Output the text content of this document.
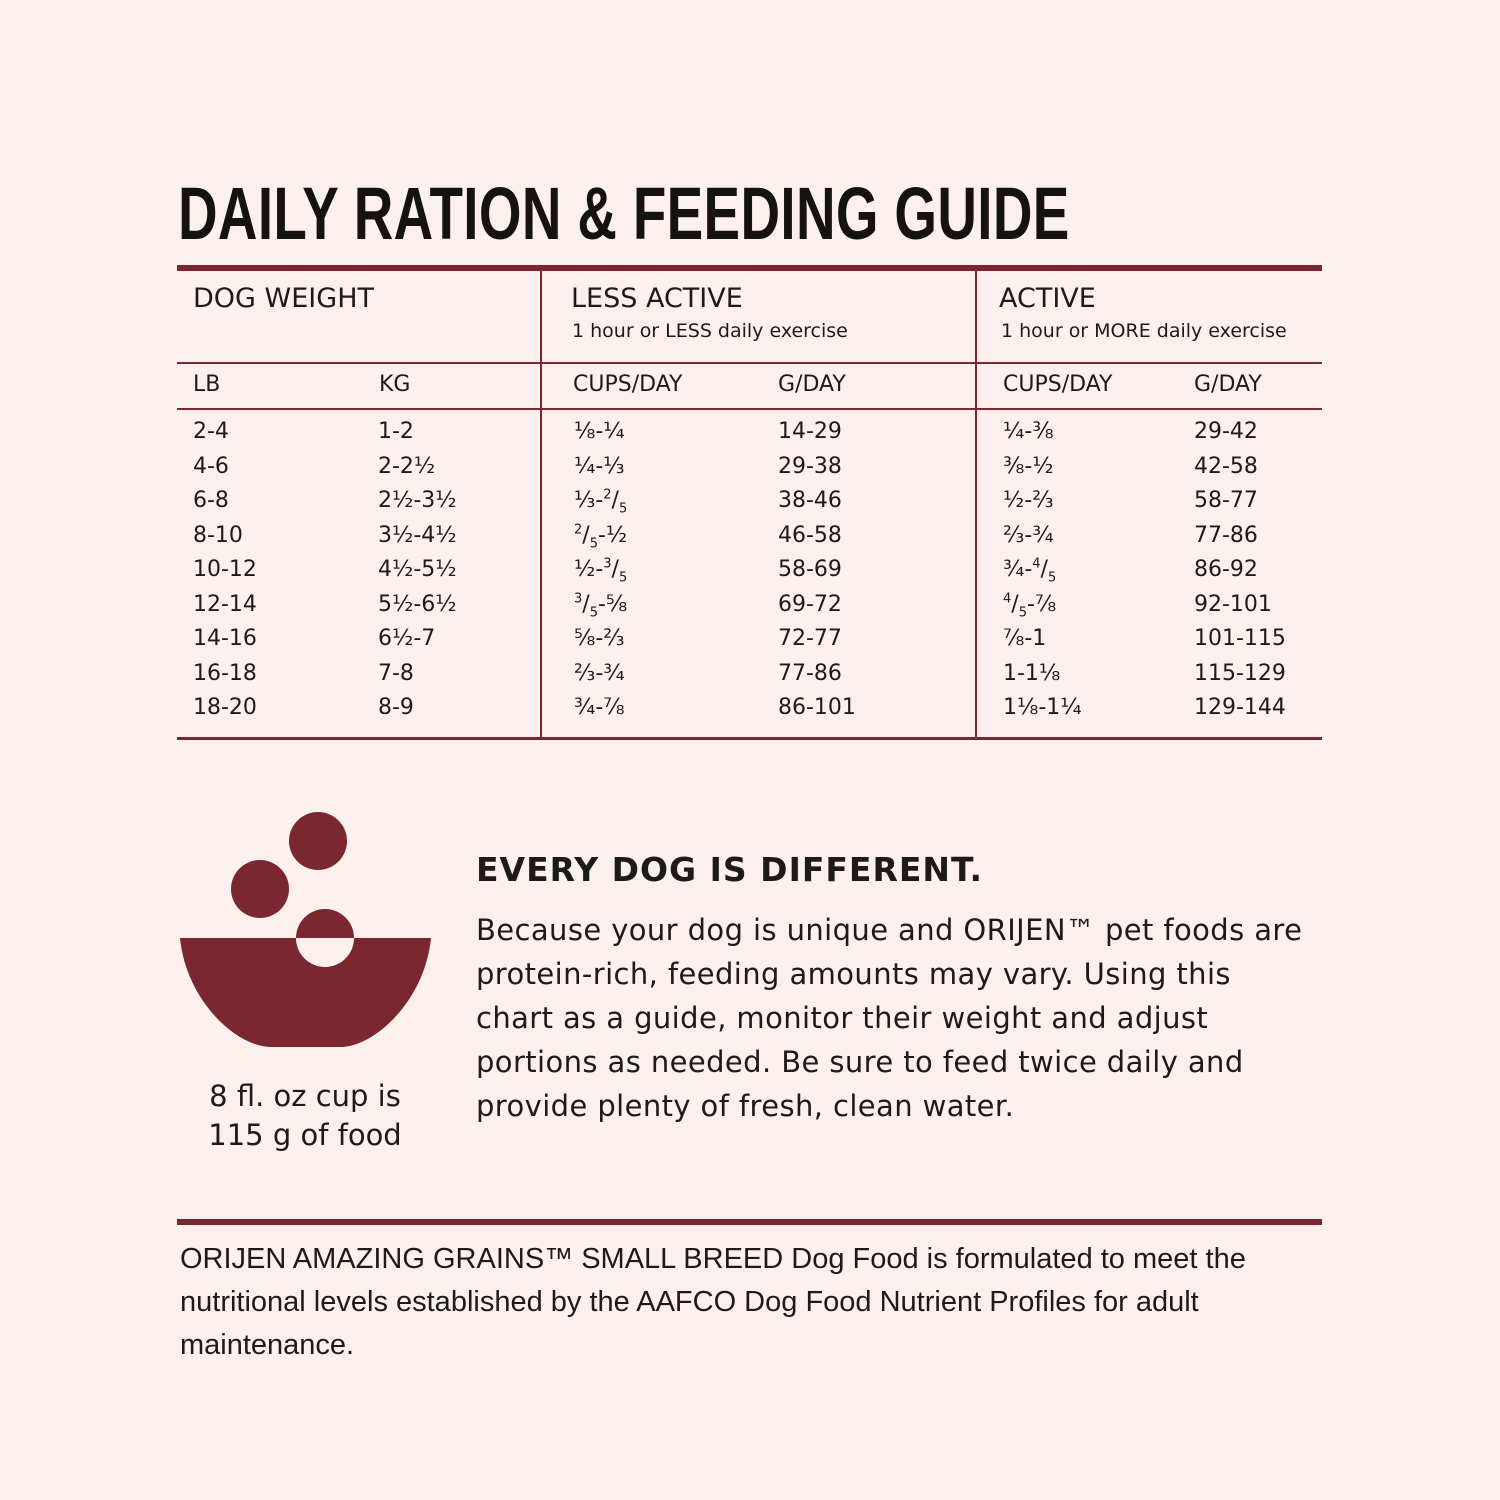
DAILY RATION & FEEDING GUIDE
DOG WEIGHT	LESS ACTIVE
1 hour or LESS daily exercise
ACTIVE
1 hour or MORE daily exercise
LB	KG	CUPS/DAY	G/DAY	CUPS/DAY	G/DAY
2-4	1-2	⅛-¼	14-29	¼-⅜	29-42
4-6	2-2½	¼-⅓	29-38	⅜-½	42-58
6-8	2½-3½	$\frac{1}{3}-^2/_5$	38-46	½-⅔	58-77
8-10	3½-4½	$^2/_5-\frac{1}{2}$	46-58	⅔-¾	77-86
10-12	4½-5½	$\frac{1}{2}-^3/_5$	58-69	$\frac{3}{4}-^4/_5$	86-92
12-14	5½-6½	$^3/_5-\frac{5}{8}$	69-72	$^4/_5-\frac{7}{8}$	92-101
14-16	6½-7	⅝-⅔	72-77	⅞-1	101-115
16-18	7-8	⅔-¾	77-86	1-1⅛	115-129
18-20	8-9	¾-⅞	86-101	1⅛-1¼	129-144
8 fl. oz cup is
115 g of food
EVERY DOG IS DIFFERENT.
Because your dog is unique and ORIJEN™ pet foods are protein-rich, feeding amounts may vary. Using this chart as a guide, monitor their weight and adjust portions as needed. Be sure to feed twice daily and provide plenty of fresh, clean water.
ORIJEN AMAZING GRAINS™ SMALL BREED Dog Food is formulated to meet the nutritional levels established by the AAFCO Dog Food Nutrient Profiles for adult maintenance.
